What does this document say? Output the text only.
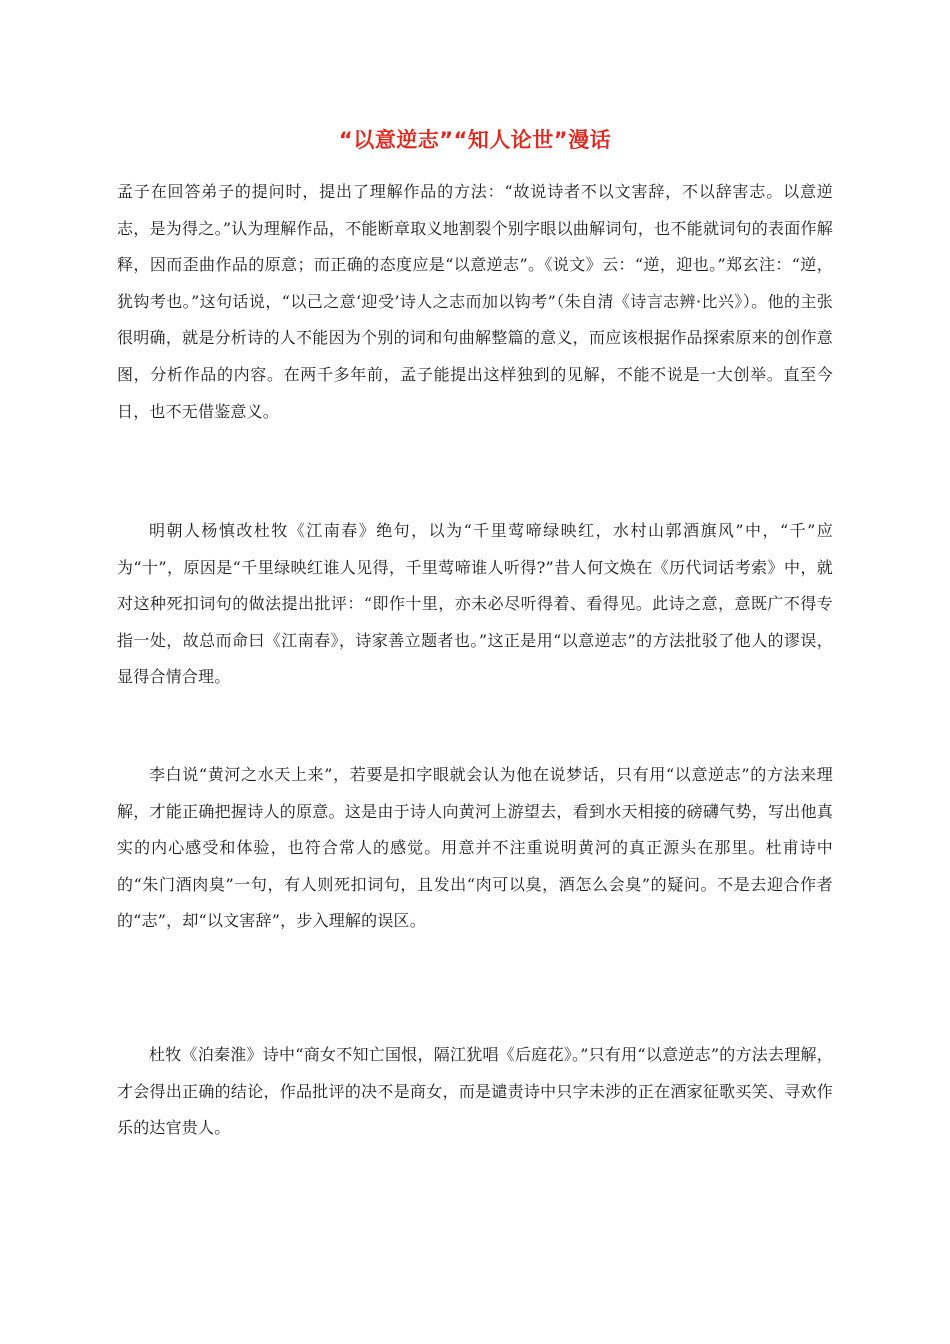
“以意逆志”“知人论世”漫话

孟子在回答弟子的提问时，提出了理解作品的方法：“故说诗者不以文害辞，不以辞害志。以意逆志，是为得之。”认为理解作品，不能断章取义地割裂个别字眼以曲解词句，也不能就词句的表面作解释，因而歪曲作品的原意；而正确的态度应是“以意逆志”。《说文》云：“逆，迎也。”郑玄注：“逆，犹钩考也。”这句话说，“以己之意‘迎受’诗人之志而加以钩考”（朱自清《诗言志辨·比兴》）。他的主张很明确，就是分析诗的人不能因为个别的词和句曲解整篇的意义，而应该根据作品探索原来的创作意图，分析作品的内容。在两千多年前，孟子能提出这样独到的见解，不能不说是一大创举。直至今日，也不无借鉴意义。

明朝人杨慎改杜牧《江南春》绝句，以为“千里莺啼绿映红，水村山郭酒旗风”中，“千”应为“十”，原因是“千里绿映红谁人见得，千里莺啼谁人听得?”昔人何文焕在《历代词话考索》中，就对这种死扣词句的做法提出批评：“即作十里，亦未必尽听得着、看得见。此诗之意，意既广不得专指一处，故总而命曰《江南春》，诗家善立题者也。”这正是用“以意逆志”的方法批驳了他人的谬误，显得合情合理。

李白说“黄河之水天上来”，若要是扣字眼就会认为他在说梦话，只有用“以意逆志”的方法来理解，才能正确把握诗人的原意。这是由于诗人向黄河上游望去，看到水天相接的磅礴气势，写出他真实的内心感受和体验，也符合常人的感觉。用意并不注重说明黄河的真正源头在那里。杜甫诗中的“朱门酒肉臭”一句，有人则死扣词句，且发出“肉可以臭，酒怎么会臭”的疑问。不是去迎合作者的“志”，却“以文害辞”，步入理解的误区。

杜牧《泊秦淮》诗中“商女不知亡国恨，隔江犹唱《后庭花》。”只有用“以意逆志”的方法去理解，才会得出正确的结论，作品批评的决不是商女，而是谴责诗中只字未涉的正在酒家征歌买笑、寻欢作乐的达官贵人。
